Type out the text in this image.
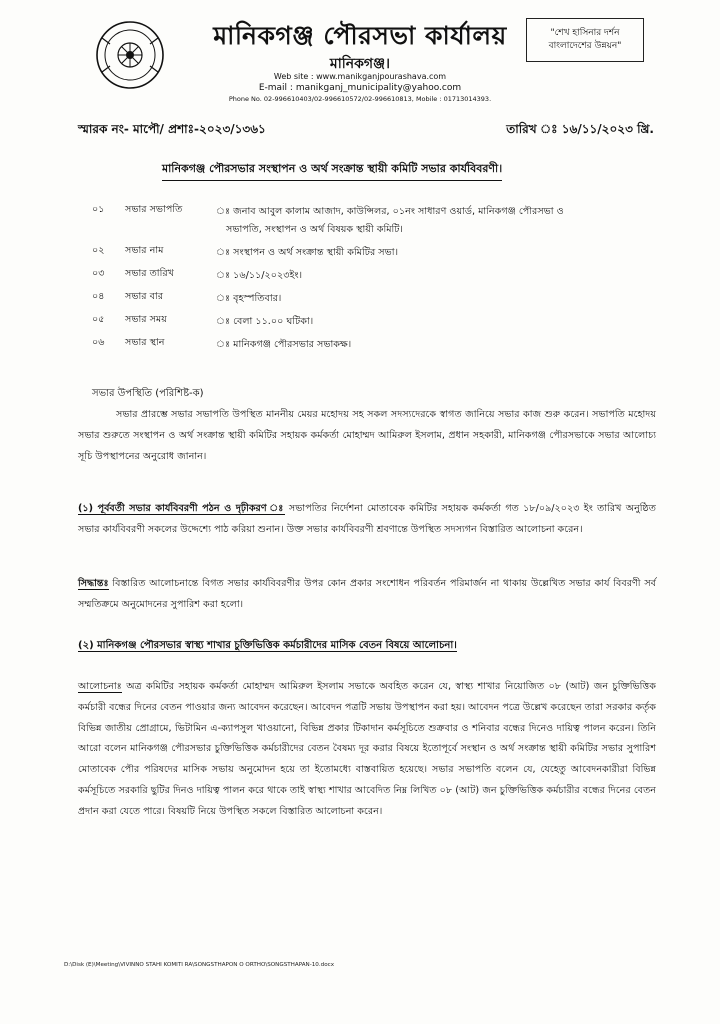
মানিকগঞ্জ পৌরসভা কার্যালয়
মানিকগঞ্জ।
Web site : www.manikganjpourashava.com
E-mail : manikganj_municipality@yahoo.com
Phone No. 02-996610403/02-996610572/02-996610813, Mobile : 01713014393.
"শেখ হাসিনার দর্শন
বাংলাদেশের উন্নয়ন"
স্মারক নং- মাপৌ/ প্রশাঃ-২০২৩/১৩৬১	তারিখ ঃ ১৬/১১/২০২৩ খ্রি.
মানিকগঞ্জ পৌরসভার সংস্থাপন ও অর্থ সংক্রান্ত স্থায়ী কমিটি সভার কার্যবিবরণী।
০১	সভার সভাপতি	ঃ জনাব আবুল কালাম আজাদ, কাউন্সিলর, ০১নং সাধারণ ওয়ার্ড, মানিকগঞ্জ পৌরসভা ও
সভাপতি, সংস্থাপন ও অর্থ বিষয়ক স্থায়ী কমিটি।
০২	সভার নাম	ঃ সংস্থাপন ও অর্থ সংক্রান্ত স্থায়ী কমিটির সভা।
০৩	সভার তারিখ	ঃ ১৬/১১/২০২৩ইং।
০৪	সভার বার	ঃ বৃহস্পতিবার।
০৫	সভার সময়	ঃ বেলা ১১.০০ ঘটিকা।
০৬	সভার স্থান	ঃ মানিকগঞ্জ পৌরসভার সভাকক্ষ।
সভার উপস্থিতি (পরিশিষ্ট-ক)
সভার প্রারম্ভে সভার সভাপতি উপস্থিত মাননীয় মেয়র মহোদয় সহ সকল সদস্যদেরকে স্বাগত জানিয়ে সভার কাজ শুরু করেন। সভাপতি মহোদয় সভার শুরুতে সংস্থাপন ও অর্থ সংক্রান্ত স্থায়ী কমিটির সহায়ক কর্মকর্তা মোহাম্মদ আমিরুল ইসলাম, প্রধান সহকারী, মানিকগঞ্জ পৌরসভাকে সভার আলোচ্য সূচি উপস্থাপনের অনুরোধ জানান।
(১) পূর্ববর্তী সভার কার্যবিবরণী পঠন ও দৃঢ়ীকরণ ঃ সভাপতির নির্দেশনা মোতাবেক কমিটির সহায়ক কর্মকর্তা গত ১৮/০৯/২০২৩ ইং তারিখ অনুষ্ঠিত সভার কার্যবিবরণী সকলের উদ্দেশ্যে পাঠ করিয়া শুনান। উক্ত সভার কার্যবিবরণী শ্রবণান্তে উপস্থিত সদস্যগন বিস্তারিত আলোচনা করেন।
সিদ্ধান্তঃ বিস্তারিত আলোচনান্তে বিগত সভার কার্যবিবরণীর উপর কোন প্রকার সংশোধন পরিবর্তন পরিমার্জন না থাকায় উল্লেখিত সভার কার্য বিবরণী সর্ব সম্মতিক্রমে অনুমোদনের সুপারিশ করা হলো।
(২) মানিকগঞ্জ পৌরসভার স্বাস্থ্য শাখার চুক্তিভিত্তিক কর্মচারীদের মাসিক বেতন বিষয়ে আলোচনা।
আলোচনাঃ অত্র কমিটির সহায়ক কর্মকর্তা মোহাম্মদ আমিরুল ইসলাম সভাকে অবহিত করেন যে, স্বাস্থ্য শাখার নিয়োজিত ০৮ (আট) জন চুক্তিভিত্তিক কর্মচারী বন্ধের দিনের বেতন পাওয়ার জন্য আবেদন করেছেন। আবেদন পত্রটি সভায় উপস্থাপন করা হয়। আবেদন পত্রে উল্লেখ করেছেন তারা সরকার কর্তৃক বিভিন্ন জাতীয় প্রোগ্রামে, ভিটামিন এ-ক্যাপসুল খাওয়ানো, বিভিন্ন প্রকার টিকাদান কর্মসূচিতে শুক্রবার ও শনিবার বন্ধের দিনেও দায়িত্ব পালন করেন। তিনি আরো বলেন মানিকগঞ্জ পৌরসভার চুক্তিভিত্তিক কর্মচারীদের বেতন বৈষম্য দূর করার বিষয়ে ইতোপূর্বে সংস্থান ও অর্থ সংক্রান্ত স্থায়ী কমিটির সভার সুপারিশ মোতাবেক পৌর পরিষদের মাসিক সভায় অনুমোদন হয়ে তা ইতোমধ্যে বাস্তবায়িত হয়েছে। সভার সভাপতি বলেন যে, যেহেতু আবেদনকারীরা বিভিন্ন কর্মসূচিতে সরকারি ছুটির দিনও দায়িত্ব পালন করে থাকে তাই স্বাস্থ্য শাখার আবেদিত নিম্ন লিখিত ০৮ (আট) জন চুক্তিভিত্তিক কর্মচারীর বন্ধের দিনের বেতন প্রদান করা যেতে পারে। বিষয়টি নিয়ে উপস্থিত সকলে বিস্তারিত আলোচনা করেন।
D:\Disk (E)\Meeting\VIVINNO STAHI KOMITI RA\SONGSTHAPON O ORTHO\SONGSTHAPAN-10.docx
